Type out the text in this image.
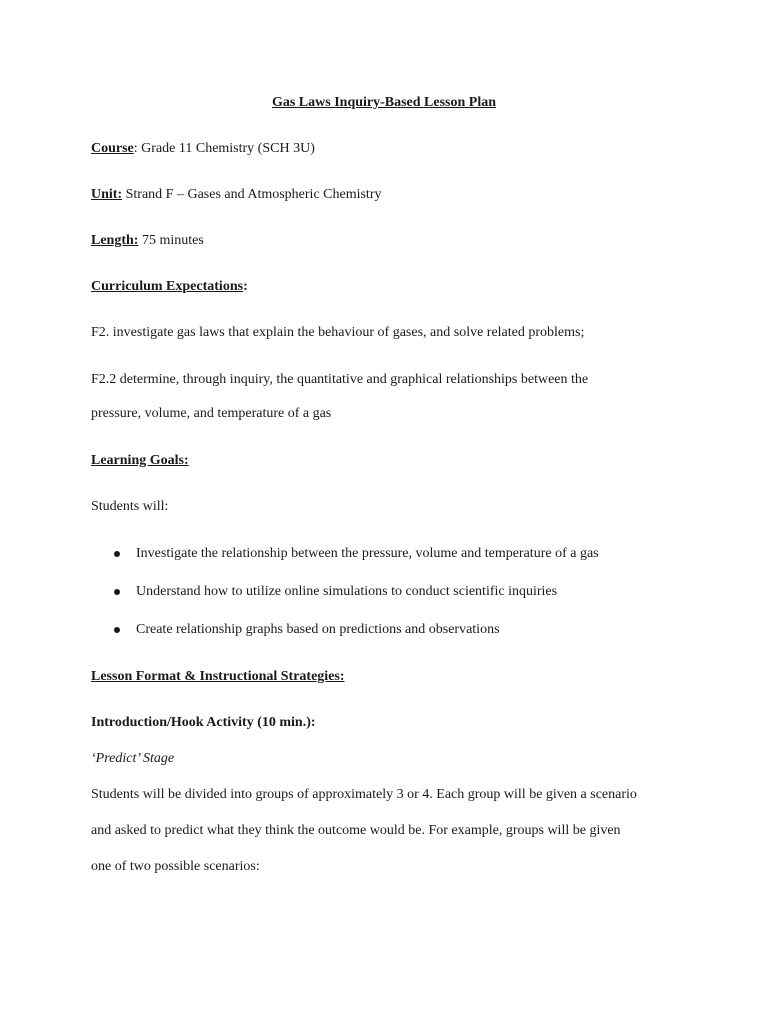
Gas Laws Inquiry-Based Lesson Plan
Course: Grade 11 Chemistry (SCH 3U)
Unit: Strand F – Gases and Atmospheric Chemistry
Length: 75 minutes
Curriculum Expectations:
F2. investigate gas laws that explain the behaviour of gases, and solve related problems;
F2.2 determine, through inquiry, the quantitative and graphical relationships between the
pressure, volume, and temperature of a gas
Learning Goals:
Students will:
Investigate the relationship between the pressure, volume and temperature of a gas
Understand how to utilize online simulations to conduct scientific inquiries
Create relationship graphs based on predictions and observations
Lesson Format & Instructional Strategies:
Introduction/Hook Activity (10 min.):
‘Predict’ Stage
Students will be divided into groups of approximately 3 or 4. Each group will be given a scenario
and asked to predict what they think the outcome would be. For example, groups will be given
one of two possible scenarios:
